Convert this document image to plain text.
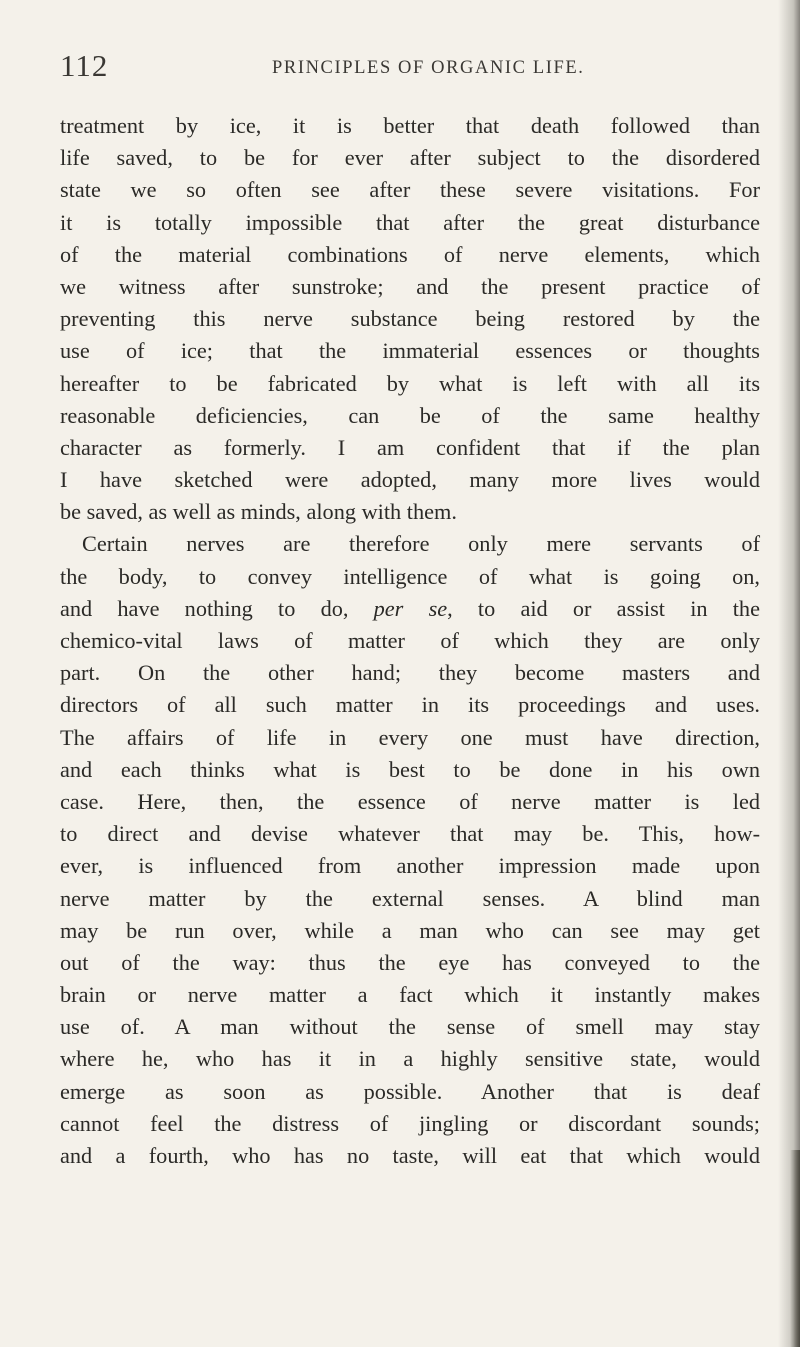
112	PRINCIPLES OF ORGANIC LIFE.
treatment by ice, it is better that death followed than
life saved, to be for ever after subject to the disordered
state we so often see after these severe visitations. For
it is totally impossible that after the great disturbance
of the material combinations of nerve elements, which
we witness after sunstroke; and the present practice of
preventing this nerve substance being restored by the
use of ice; that the immaterial essences or thoughts
hereafter to be fabricated by what is left with all its
reasonable deficiencies, can be of the same healthy
character as formerly. I am confident that if the plan
I have sketched were adopted, many more lives would
be saved, as well as minds, along with them.
Certain nerves are therefore only mere servants of
the body, to convey intelligence of what is going on,
and have nothing to do, per se, to aid or assist in the
chemico-vital laws of matter of which they are only
part. On the other hand; they become masters and
directors of all such matter in its proceedings and uses.
The affairs of life in every one must have direction,
and each thinks what is best to be done in his own
case. Here, then, the essence of nerve matter is led
to direct and devise whatever that may be. This, how-
ever, is influenced from another impression made upon
nerve matter by the external senses. A blind man
may be run over, while a man who can see may get
out of the way: thus the eye has conveyed to the
brain or nerve matter a fact which it instantly makes
use of. A man without the sense of smell may stay
where he, who has it in a highly sensitive state, would
emerge as soon as possible. Another that is deaf
cannot feel the distress of jingling or discordant sounds;
and a fourth, who has no taste, will eat that which would
